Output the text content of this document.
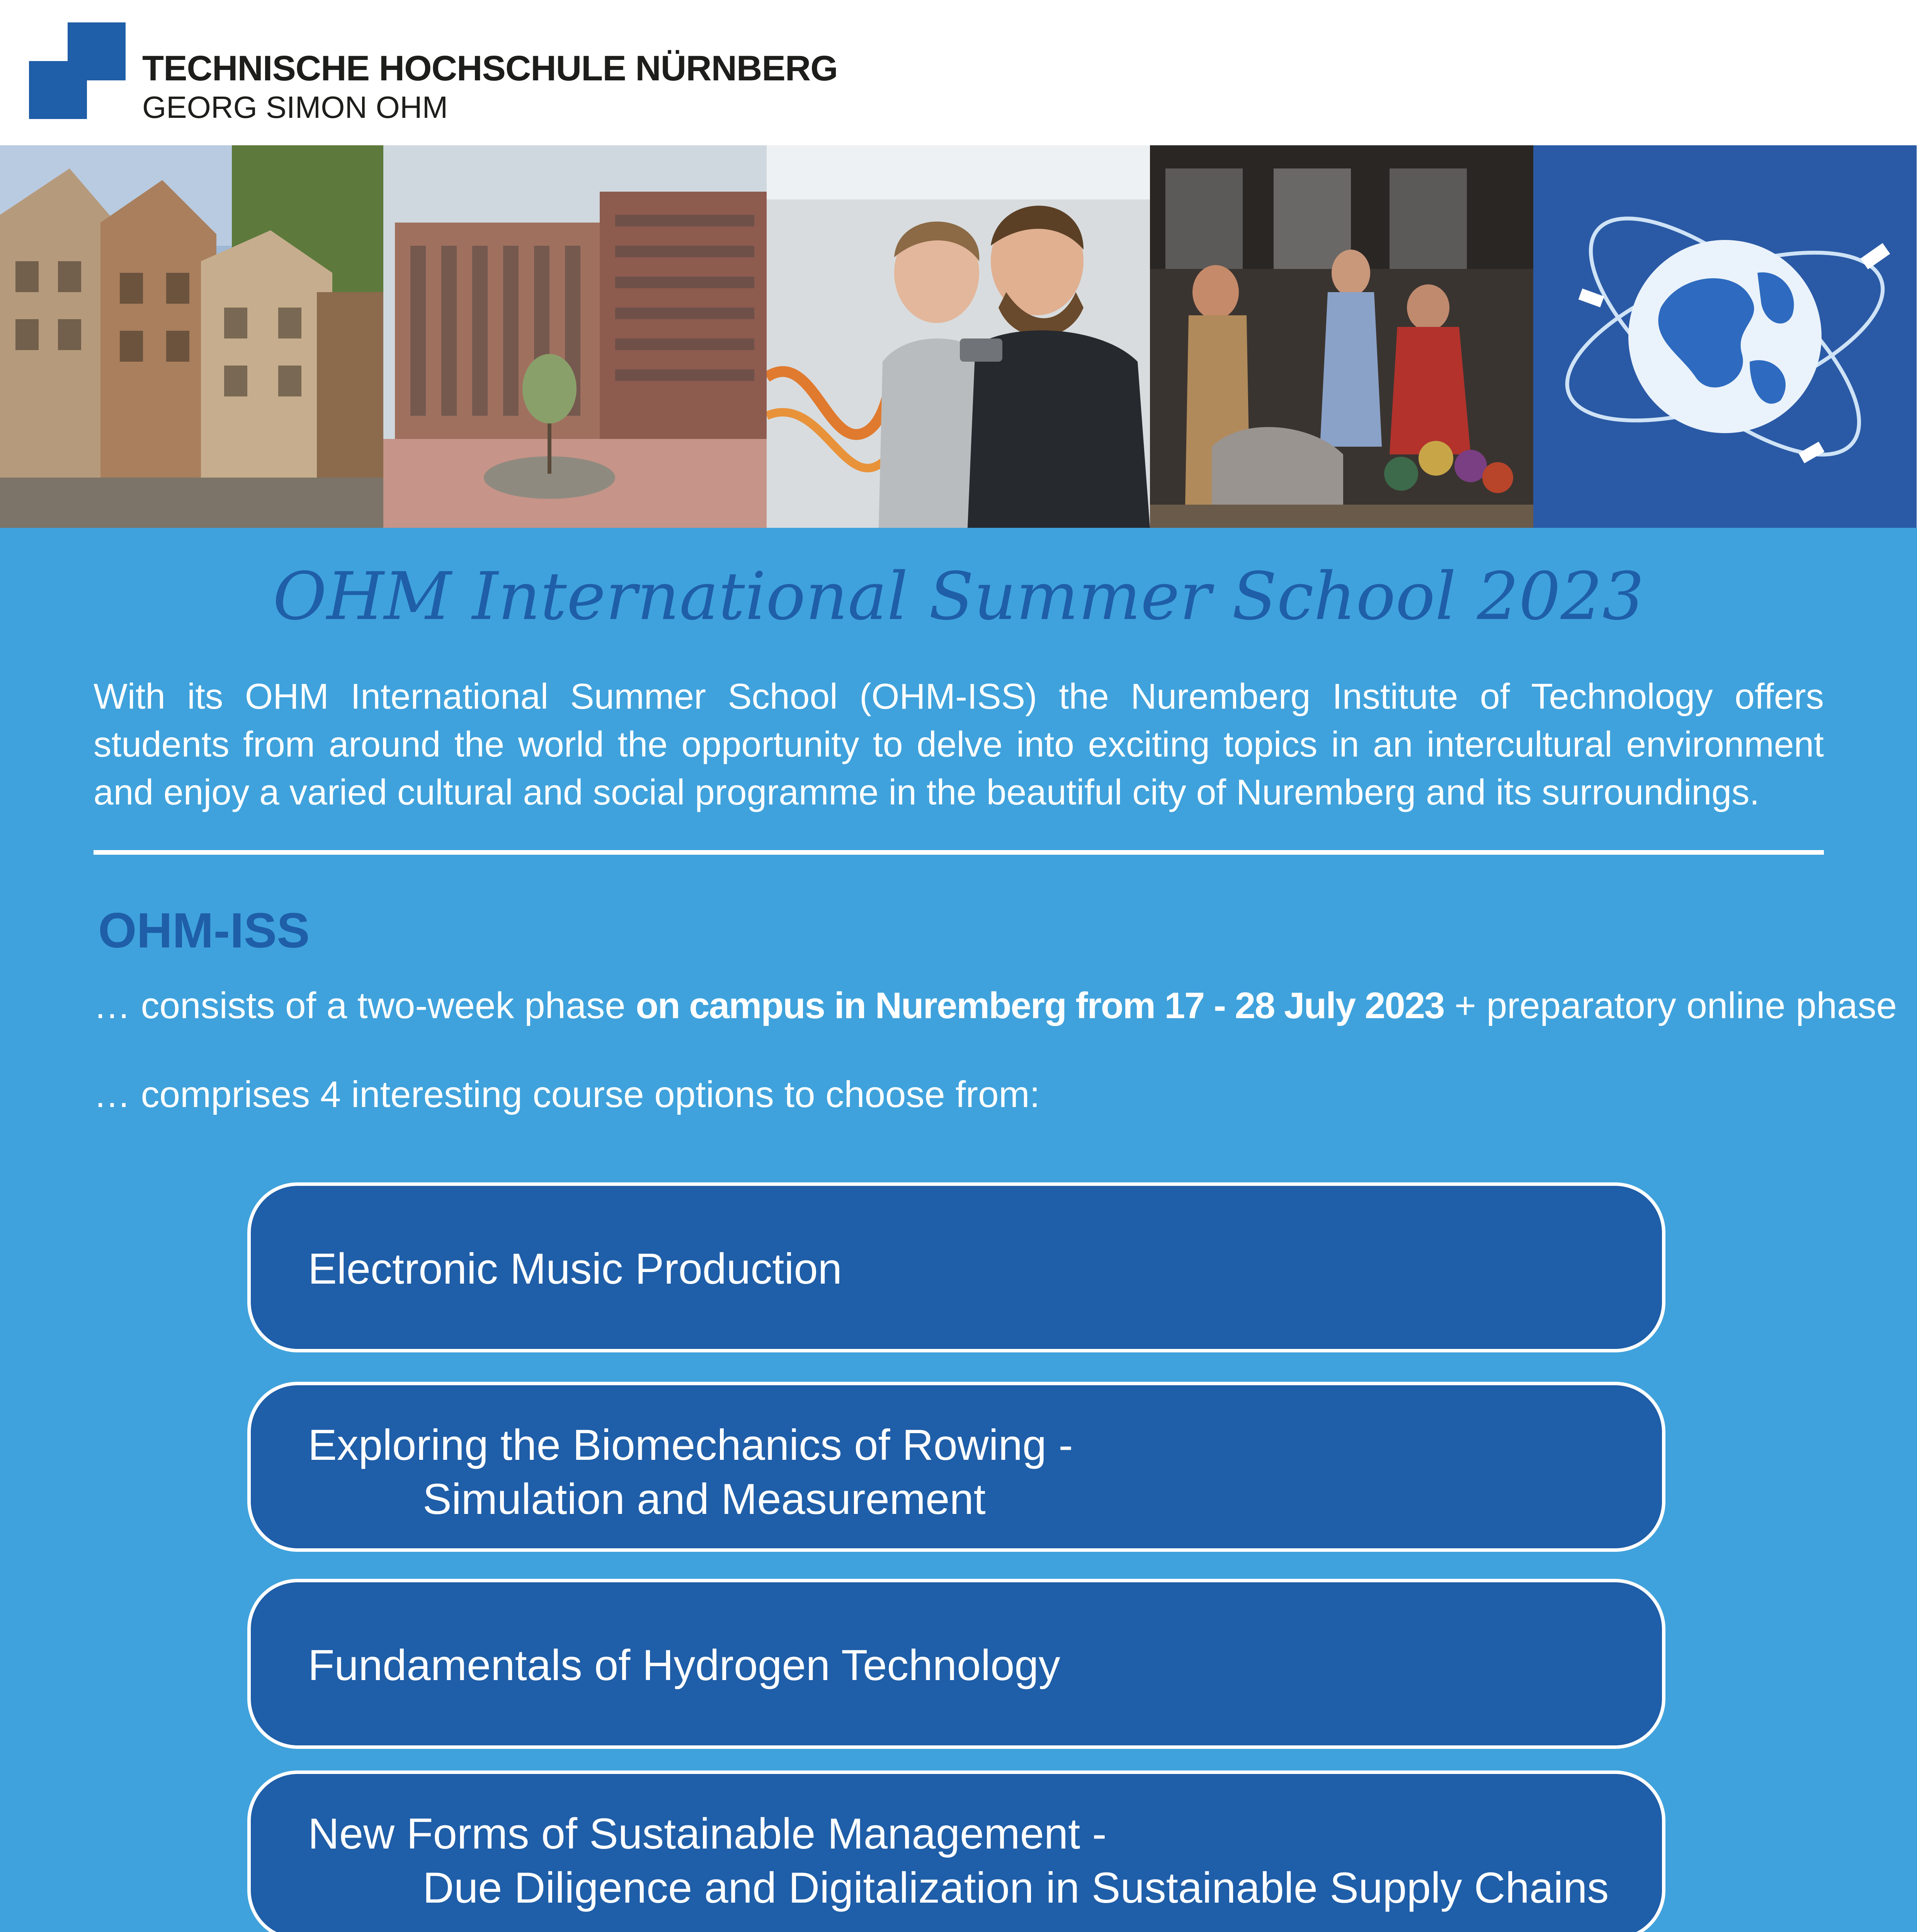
TECHNISCHE HOCHSCHULE NÜRNBERG
GEORG SIMON OHM
OHM International Summer School 2023
With its OHM International Summer School (OHM-ISS) the Nuremberg Institute of Technology offers students from around the world the opportunity to delve into exciting topics in an intercultural environment and enjoy a varied cultural and social programme in the beautiful city of Nuremberg and its surroundings.
OHM-ISS
… consists of a two-week phase on campus in Nuremberg from 17 - 28 July 2023 + preparatory online phase
… comprises 4 interesting course options to choose from:
Electronic Music Production
Exploring the Biomechanics of Rowing -
Simulation and Measurement
Fundamentals of Hydrogen Technology
New Forms of Sustainable Management -
Due Diligence and Digitalization in Sustainable Supply Chains
